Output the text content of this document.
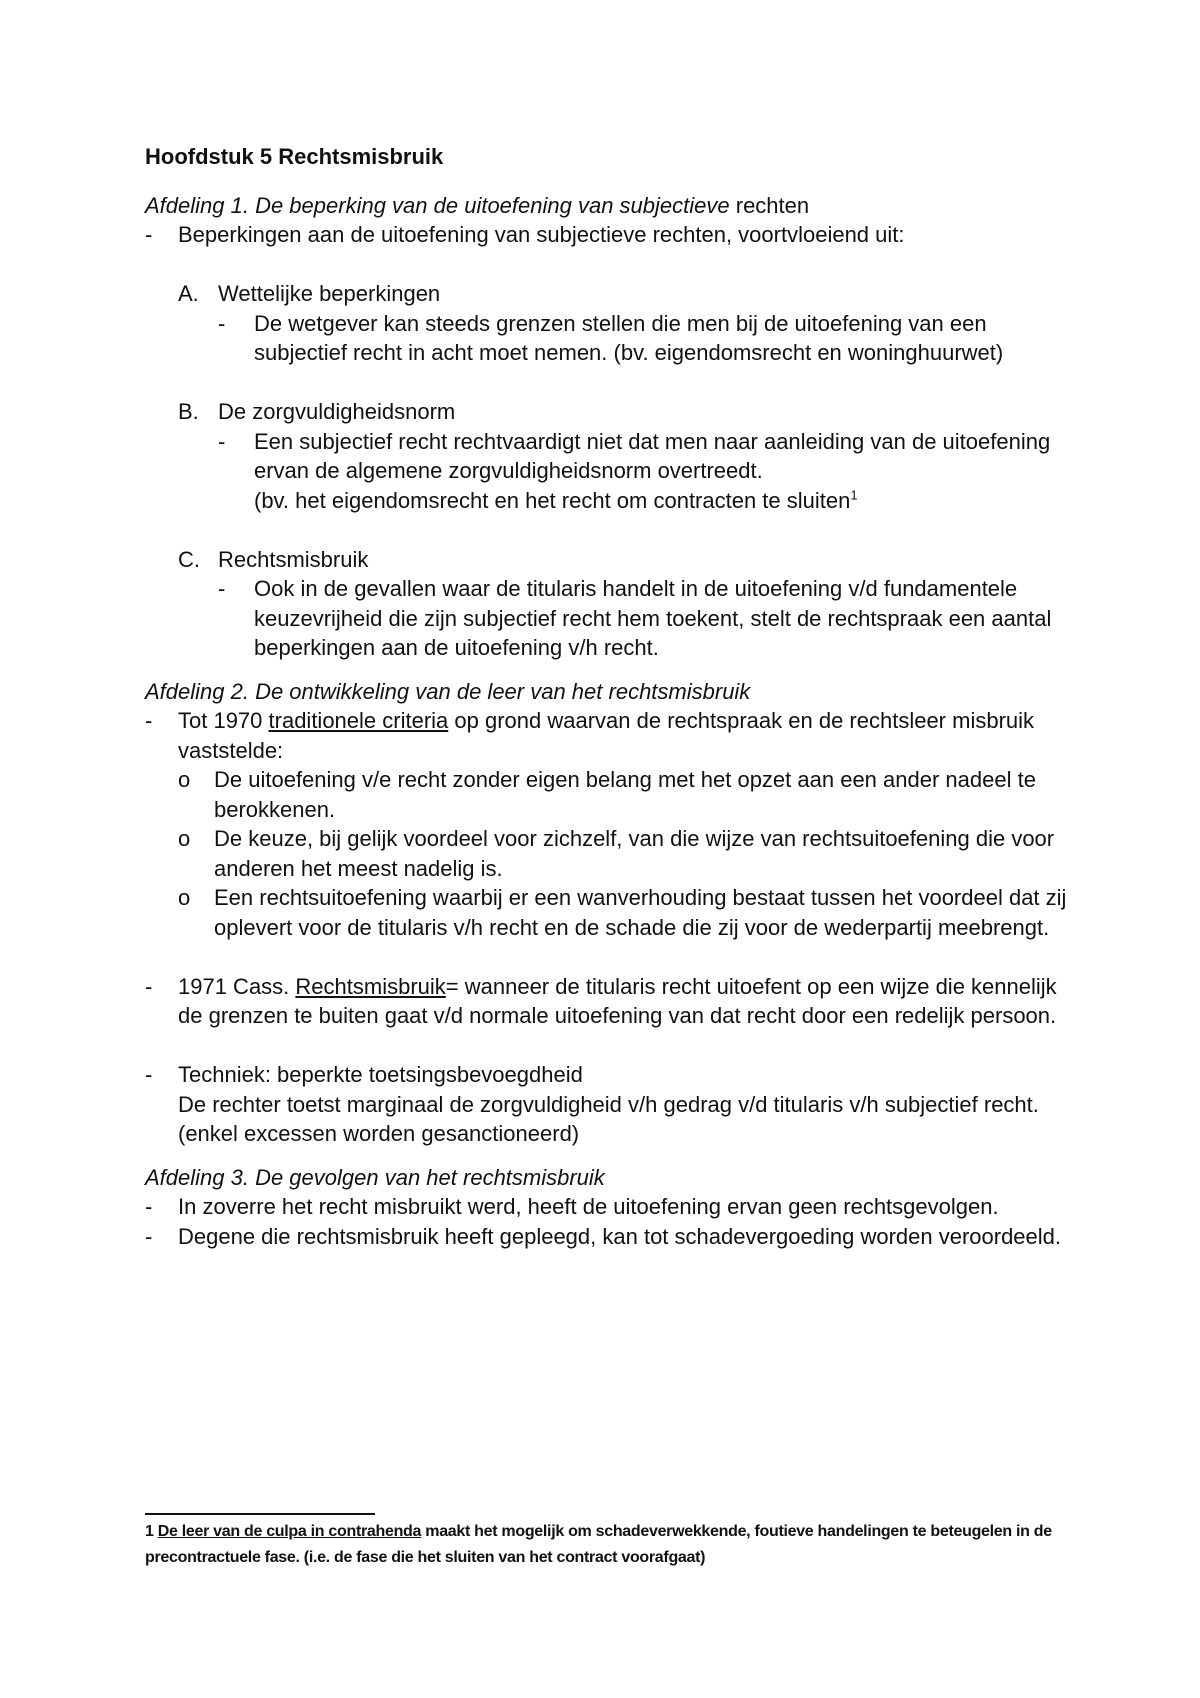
Hoofdstuk 5 Rechtsmisbruik
Afdeling 1. De beperking van de uitoefening van subjectieve rechten
-	Beperkingen aan de uitoefening van subjectieve rechten, voortvloeiend uit:
A. Wettelijke beperkingen
-	De wetgever kan steeds grenzen stellen die men bij de uitoefening van een subjectief recht in acht moet nemen. (bv. eigendomsrecht en woninghuurwet)
B. De zorgvuldigheidsnorm
-	Een subjectief recht rechtvaardigt niet dat men naar aanleiding van de uitoefening ervan de algemene zorgvuldigheidsnorm overtreedt.
(bv. het eigendomsrecht en het recht om contracten te sluiten$^1$
C. Rechtsmisbruik
-	Ook in de gevallen waar de titularis handelt in de uitoefening v/d fundamentele keuzevrijheid die zijn subjectief recht hem toekent, stelt de rechtspraak een aantal beperkingen aan de uitoefening v/h recht.
Afdeling 2. De ontwikkeling van de leer van het rechtsmisbruik
-	Tot 1970 traditionele criteria op grond waarvan de rechtspraak en de rechtsleer misbruik vaststelde:
o	De uitoefening v/e recht zonder eigen belang met het opzet aan een ander nadeel te berokkenen.
o	De keuze, bij gelijk voordeel voor zichzelf, van die wijze van rechtsuitoefening die voor anderen het meest nadelig is.
o	Een rechtsuitoefening waarbij er een wanverhouding bestaat tussen het voordeel dat zij oplevert voor de titularis v/h recht en de schade die zij voor de wederpartij meebrengt.
-	1971 Cass. Rechtsmisbruik= wanneer de titularis recht uitoefent op een wijze die kennelijk de grenzen te buiten gaat v/d normale uitoefening van dat recht door een redelijk persoon.
-	Techniek: beperkte toetsingsbevoegdheid
De rechter toetst marginaal de zorgvuldigheid v/h gedrag v/d titularis v/h subjectief recht. (enkel excessen worden gesanctioneerd)
Afdeling 3. De gevolgen van het rechtsmisbruik
-	In zoverre het recht misbruikt werd, heeft de uitoefening ervan geen rechtsgevolgen.
-	Degene die rechtsmisbruik heeft gepleegd, kan tot schadevergoeding worden veroordeeld.
1 De leer van de culpa in contrahenda maakt het mogelijk om schadeverwekkende, foutieve handelingen te beteugelen in de precontractuele fase. (i.e. de fase die het sluiten van het contract voorafgaat)
